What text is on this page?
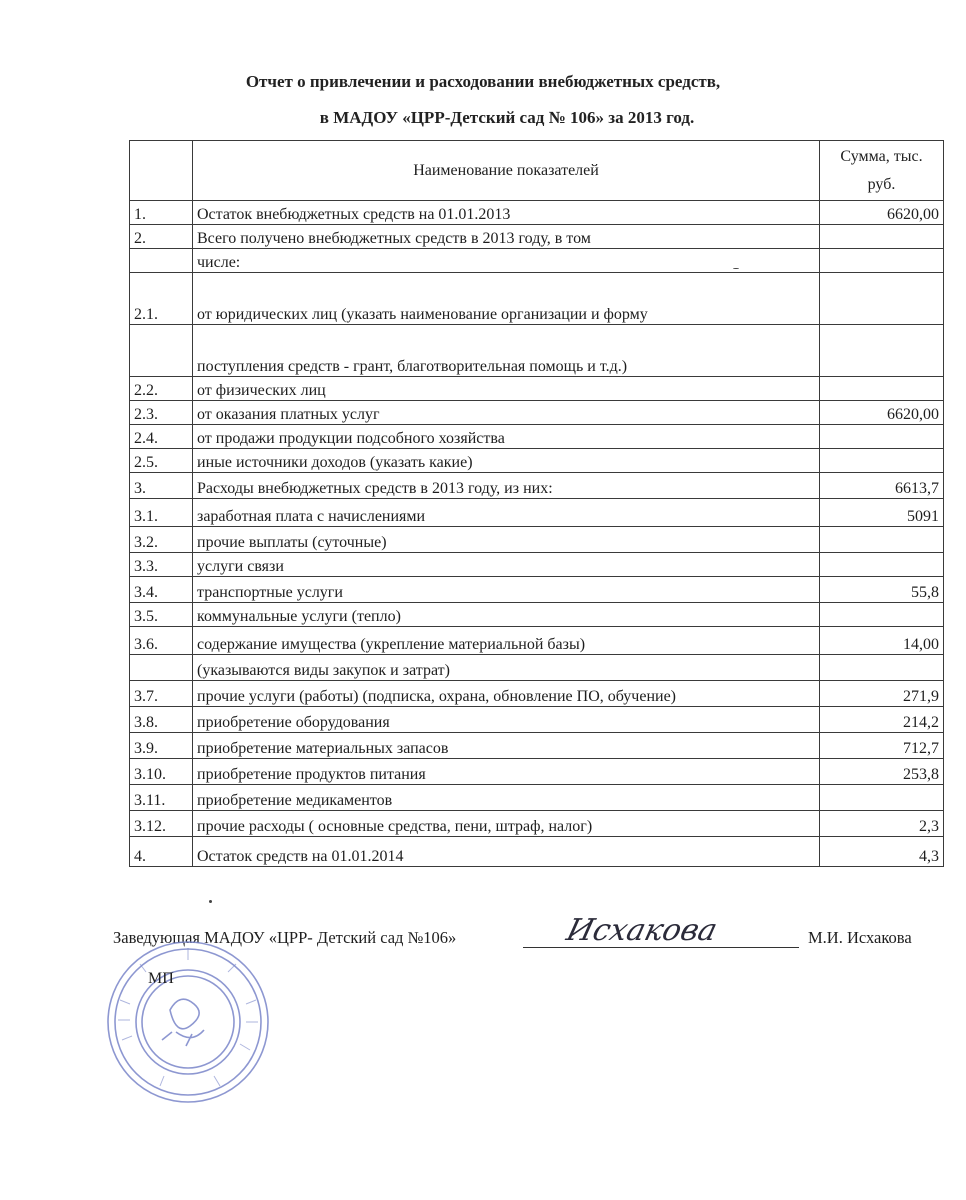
Отчет о привлечении и расходовании внебюджетных средств,
в МАДОУ «ЦРР-Детский сад № 106» за 2013 год.
	Наименование показателей	Сумма, тыс.
руб.

1.	Остаток внебюджетных средств на 01.01.2013	6620,00
2.	Всего получено внебюджетных средств в 2013 году, в том	
	числе:	
2.1.	от юридических лиц (указать наименование организации и форму	
	поступления средств - грант, благотворительная помощь и т.д.)	
2.2.	от физических лиц	
2.3.	от оказания платных услуг	6620,00
2.4.	от продажи продукции подсобного хозяйства	
2.5.	иные источники доходов (указать какие)	
3.	Расходы внебюджетных средств в 2013 году, из них:	6613,7
3.1.	заработная плата с начислениями	5091
3.2.	прочие выплаты (суточные)	
3.3.	услуги связи	
3.4.	транспортные услуги	55,8
3.5.	коммунальные услуги (тепло)	
3.6.	содержание имущества (укрепление материальной базы)	14,00
	(указываются виды закупок и затрат)	
3.7.	прочие услуги (работы) (подписка, охрана, обновление ПО, обучение)	271,9
3.8.	приобретение оборудования	214,2
3.9.	приобретение материальных запасов	712,7
3.10.	приобретение продуктов питания	253,8
3.11.	приобретение медикаментов	
3.12.	прочие расходы ( основные средства, пени, штраф, налог)	2,3
4.	Остаток средств на 01.01.2014	4,3
Заведующая МАДОУ «ЦРР- Детский сад №106»	М.И. Исхакова
МП
Исхакова
